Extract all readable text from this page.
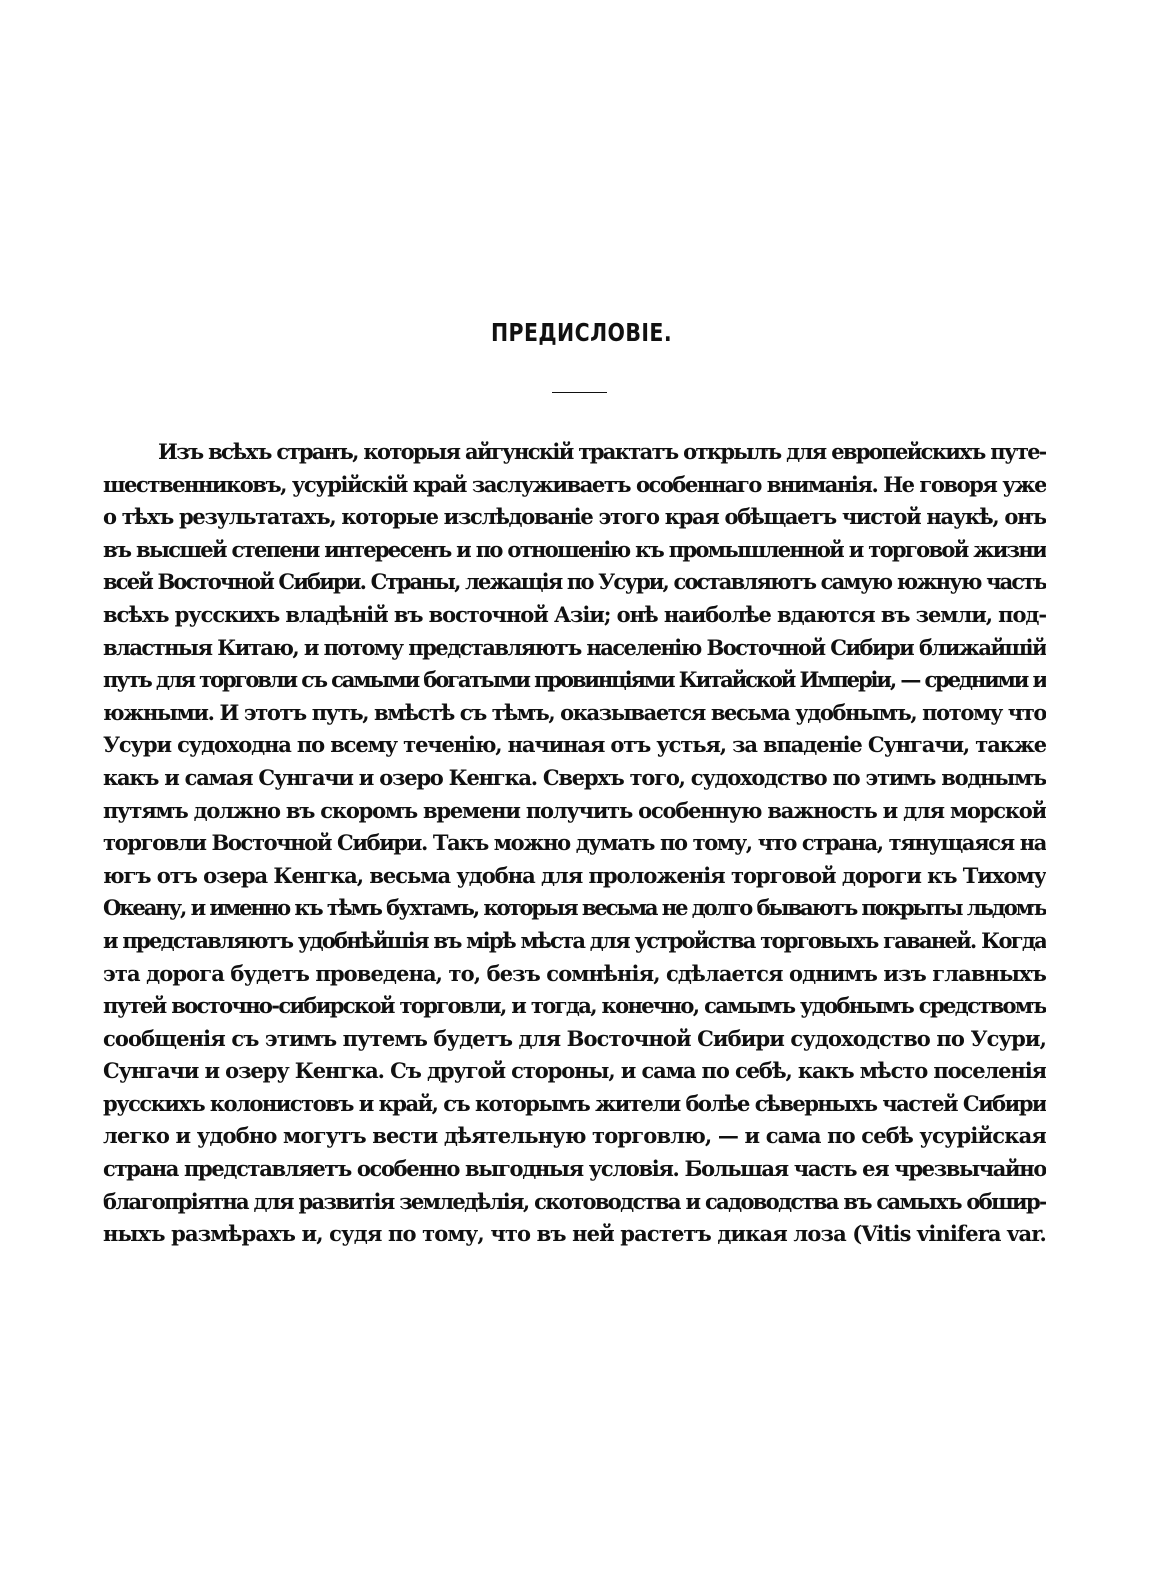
ПРЕДИСЛОВІЕ.
Изъ всѣхъ странъ, которыя айгунскій трактатъ открылъ для европейскихъ путе-
шественниковъ, усурійскій край заслуживаетъ особеннаго вниманія. Не говоря уже
о тѣхъ результатахъ, которые изслѣдованіе этого края обѣщаетъ чистой наукѣ, онъ
въ высшей степени интересенъ и по отношенію къ промышленной и торговой жизни
всей Восточной Сибири. Страны, лежащія по Усури, составляютъ самую южную часть
всѣхъ русскихъ владѣній въ восточной Азіи; онѣ наиболѣе вдаются въ земли, под-
властныя Китаю, и потому представляютъ населенію Восточной Сибири ближайшій
путь для торговли съ самыми богатыми провинціями Китайской Имперіи, — средними и
южными. И этотъ путь, вмѣстѣ съ тѣмъ, оказывается весьма удобнымъ, потому что
Усури судоходна по всему теченію, начиная отъ устья, за впаденіе Сунгачи, также
какъ и самая Сунгачи и озеро Кенгка. Сверхъ того, судоходство по этимъ воднымъ
путямъ должно въ скоромъ времени получить особенную важность и для морской
торговли Восточной Сибири. Такъ можно думать по тому, что страна, тянущаяся на
югъ отъ озера Кенгка, весьма удобна для проложенія торговой дороги къ Тихому
Океану, и именно къ тѣмъ бухтамъ, которыя весьма не долго бываютъ покрыты льдомъ
и представляютъ удобнѣйшія въ мірѣ мѣста для устройства торговыхъ гаваней. Когда
эта дорога будетъ проведена, то, безъ сомнѣнія, сдѣлается однимъ изъ главныхъ
путей восточно-сибирской торговли, и тогда, конечно, самымъ удобнымъ средствомъ
сообщенія съ этимъ путемъ будетъ для Восточной Сибири судоходство по Усури,
Сунгачи и озеру Кенгка. Съ другой стороны, и сама по себѣ, какъ мѣсто поселенія
русскихъ колонистовъ и край, съ которымъ жители болѣе сѣверныхъ частей Сибири
легко и удобно могутъ вести дѣятельную торговлю, — и сама по себѣ усурійская
страна представляетъ особенно выгодныя условія. Большая часть ея чрезвычайно
благопріятна для развитія земледѣлія, скотоводства и садоводства въ самыхъ обшир-
ныхъ размѣрахъ и, судя по тому, что въ ней растетъ дикая лоза (Vitis vinifera var.
